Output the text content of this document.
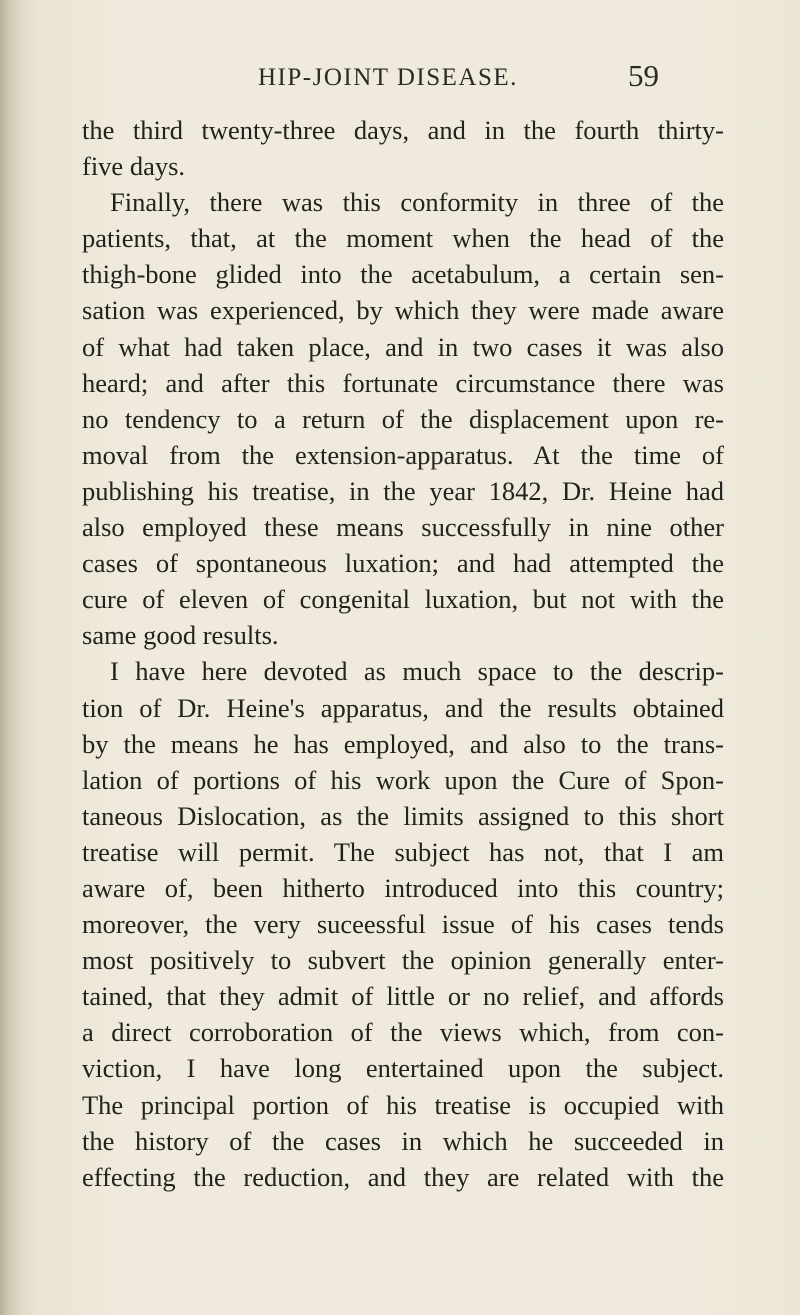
HIP-JOINT DISEASE.	59
the third twenty-three days, and in the fourth thirty-
five days.
Finally, there was this conformity in three of the
patients, that, at the moment when the head of the
thigh-bone glided into the acetabulum, a certain sen-
sation was experienced, by which they were made aware
of what had taken place, and in two cases it was also
heard; and after this fortunate circumstance there was
no tendency to a return of the displacement upon re-
moval from the extension-apparatus. At the time of
publishing his treatise, in the year 1842, Dr. Heine had
also employed these means successfully in nine other
cases of spontaneous luxation; and had attempted the
cure of eleven of congenital luxation, but not with the
same good results.
I have here devoted as much space to the descrip-
tion of Dr. Heine's apparatus, and the results obtained
by the means he has employed, and also to the trans-
lation of portions of his work upon the Cure of Spon-
taneous Dislocation, as the limits assigned to this short
treatise will permit. The subject has not, that I am
aware of, been hitherto introduced into this country;
moreover, the very suceessful issue of his cases tends
most positively to subvert the opinion generally enter-
tained, that they admit of little or no relief, and affords
a direct corroboration of the views which, from con-
viction, I have long entertained upon the subject.
The principal portion of his treatise is occupied with
the history of the cases in which he succeeded in
effecting the reduction, and they are related with the
